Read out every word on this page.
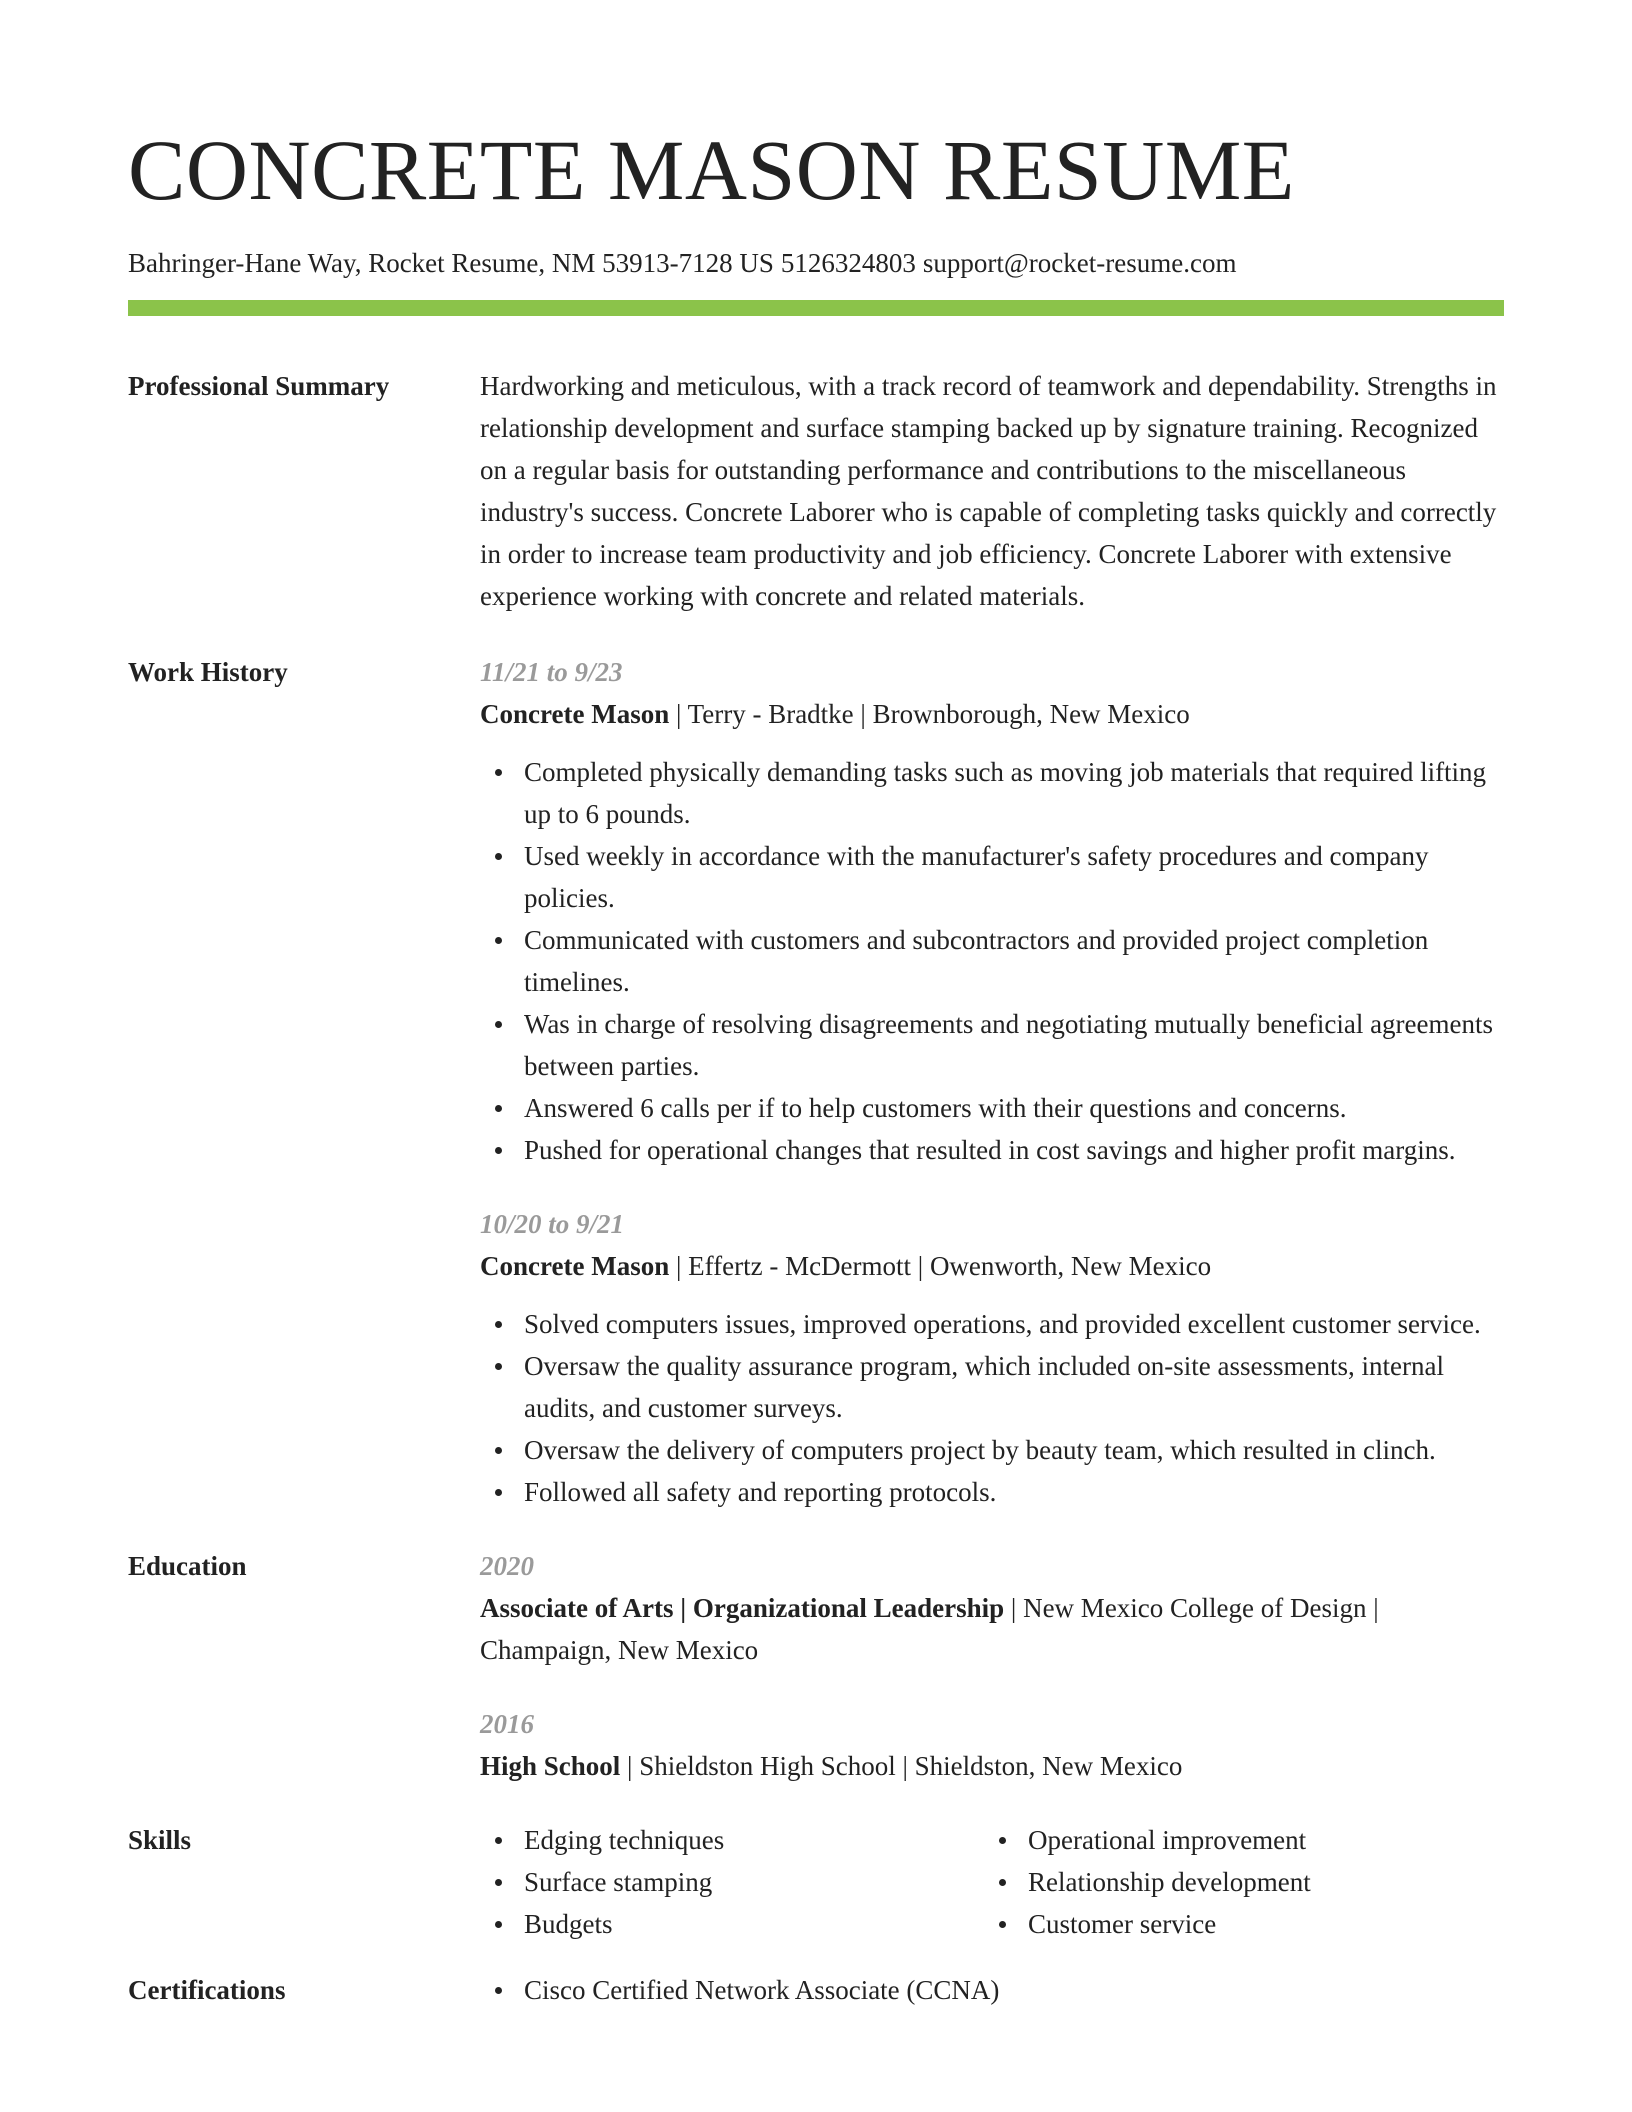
CONCRETE MASON RESUME
Bahringer-Hane Way, Rocket Resume, NM 53913-7128 US 5126324803 support@rocket-resume.com
Professional Summary	Hardworking and meticulous, with a track record of teamwork and dependability. Strengths in relationship development and surface stamping backed up by signature training. Recognized on a regular basis for outstanding performance and contributions to the miscellaneous industry's success. Concrete Laborer who is capable of completing tasks quickly and correctly in order to increase team productivity and job efficiency. Concrete Laborer with extensive experience working with concrete and related materials.
Work History	11/21 to 9/23
Concrete Mason | Terry - Bradtke | Brownborough, New Mexico
Completed physically demanding tasks such as moving job materials that required lifting up to 6 pounds.
Used weekly in accordance with the manufacturer's safety procedures and company policies.
Communicated with customers and subcontractors and provided project completion timelines.
Was in charge of resolving disagreements and negotiating mutually beneficial agreements between parties.
Answered 6 calls per if to help customers with their questions and concerns.
Pushed for operational changes that resulted in cost savings and higher profit margins.
10/20 to 9/21
Concrete Mason | Effertz - McDermott | Owenworth, New Mexico
Solved computers issues, improved operations, and provided excellent customer service.
Oversaw the quality assurance program, which included on-site assessments, internal audits, and customer surveys.
Oversaw the delivery of computers project by beauty team, which resulted in clinch.
Followed all safety and reporting protocols.
Education	2020
Associate of Arts | Organizational Leadership | New Mexico College of Design | Champaign, New Mexico
2016
High School | Shieldston High School | Shieldston, New Mexico
Skills	Edging techniques
Surface stamping
Budgets
Operational improvement
Relationship development
Customer service
Certifications	Cisco Certified Network Associate (CCNA)
